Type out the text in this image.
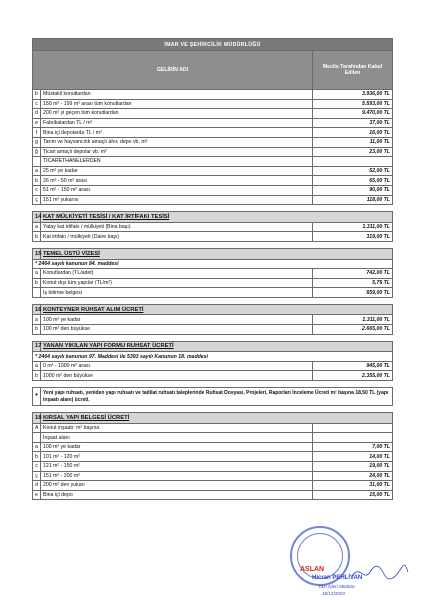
İMAR VE ŞEHİRCİLİK MÜDÜRLÜĞÜ		
GELİRİN ADI		Meclis Tarafından Kabul Edilen
b	Müstakil konutlardan	3.936,00 TL
c	150 m² - 199 m² arası tüm konutlardan	5.593,00 TL
d	200 m² yi geçen tüm konutlardan	9.470,00 TL
e	Fabrikalardan TL / m²	37,00 TL
f	Bina içi depolarda TL / m²	16,00 TL
g	Tarım ve hayvancılık amaçlı ahır, depo vb. m²	11,00 TL
ğ	Ticari amaçlı depolar vb. m²	23,00 TL
	TİCARETHANELERDEN	
a	25 m² ye kadar	52,00 TL
b	26 m² - 50 m² arası	65,00 TL
c	51 m² - 150 m² arası	90,00 TL
ç	151 m² yukarısı	118,00 TL

14	KAT MÜLKİYETİ TESİSİ / KAT İRTİFAKI TESİSİ	
a	Yatay kat irtifakı / mülkiyeti (Bina başı)	1.311,00 TL
b	Kat irtifakı / mülkiyeti (Daire başı)	319,00 TL

15	TEMEL ÜSTÜ VİZESİ	
* 2464 sayılı kanunun 84. maddesi		
a	Konutlardan (TL/adet)	742,00 TL
b	Konut dışı tüm yapılar (TL/m²)	5,75 TL
	İş bitirme belgesi	659,00 TL

16	KONTEYNER RUHSAT ALIM ÜCRETİ	
a	100 m² ye kadar	1.311,00 TL
b	100 m² den büyükse	2.665,00 TL

17	YANAN YIKILAN YAPI FORMU RUHSAT ÜCRETİ	
* 2464 sayılı kanunun 97. Maddesi ile 5393 sayılı Kanunun 18. maddesi		
a	0 m² - 1000 m² arası	945,00 TL
b	1000 m² den büyükse	2.355,00 TL

•	Yeni yapı ruhsatı, yeniden yapı ruhsatı ve tadilat ruhsatı taleplerinde Ruhsat Dosyası, Projeleri, Raporları İnceleme Ücreti m² başına 18,50 TL (yapı inşaatı alanı) ücreti.	

18	KIRSAL YAPI BELGESİ ÜCRETİ	
A	Konut inşaatı: m² başına	
	İnşaat alanı	
a	100 m² ye kadar	7,00 TL
b	101 m² - 120 m²	14,00 TL
c	121 m² - 150 m²	19,00 TL
ç	151 m² - 200 m²	24,00 TL
d	200 m² den yukarı	31,00 TL
e	Bina içi depo	15,00 TL
ASLAN
Hicran PEHLİVAN
Yazı İşleri Müdürü
15/12/2023
